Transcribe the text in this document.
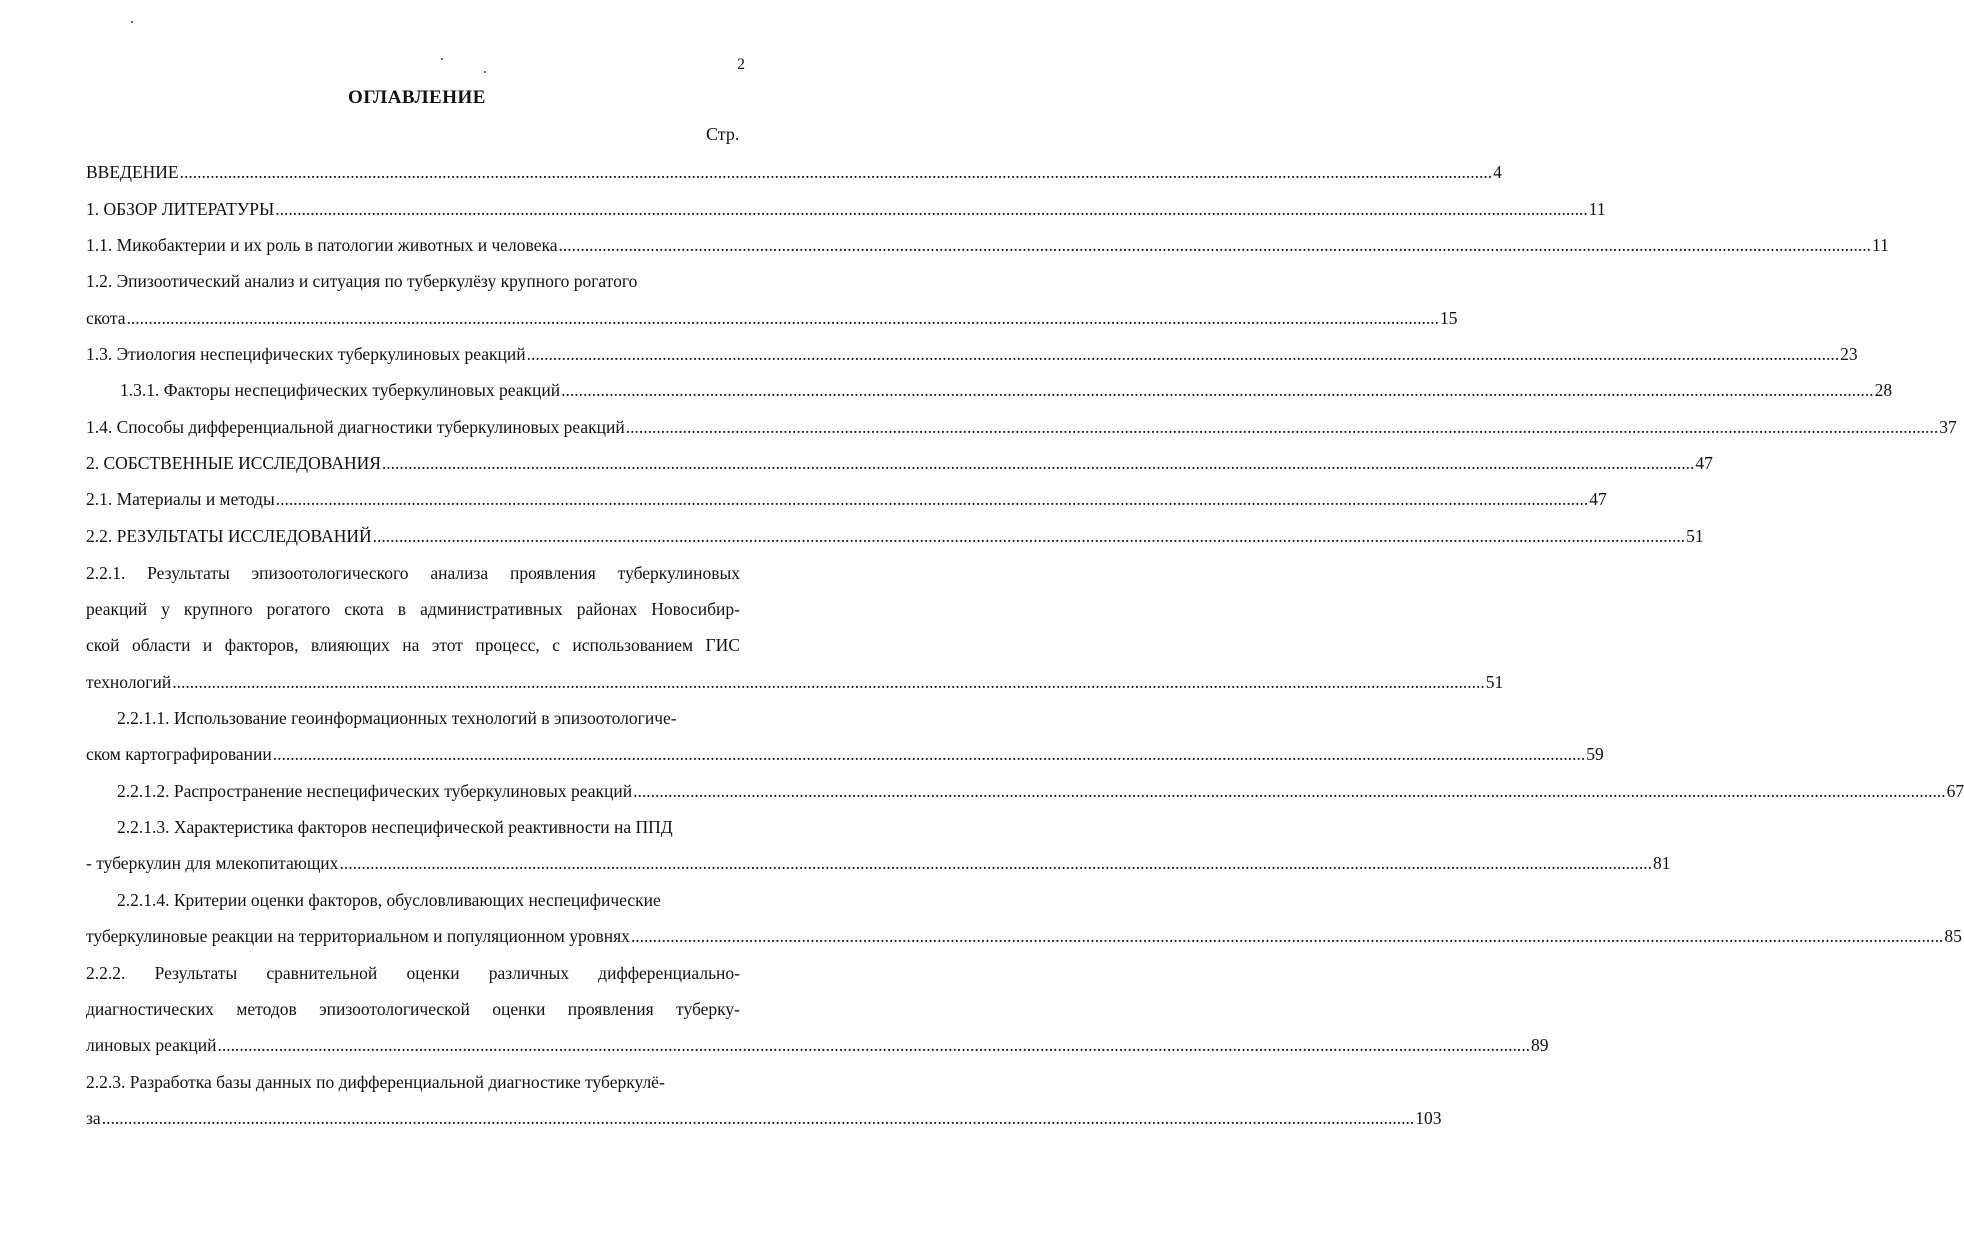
2
ОГЛАВЛЕНИЕ
Стр.
ВВЕДЕНИЕ ............................................................................................................................................................................................................................................................................................................ 4
1. ОБЗОР ЛИТЕРАТУРЫ ............................................................................................................................................................................................................................................................................................................ 11
1.1. Микобактерии и их роль в патологии животных и человека ............................................................................................................................................................................................................................................................................................................ 11
1.2. Эпизоотический анализ и ситуация по туберкулёзу крупного рогатого
скота ............................................................................................................................................................................................................................................................................................................ 15
1.3. Этиология неспецифических туберкулиновых реакций ............................................................................................................................................................................................................................................................................................................ 23
1.3.1. Факторы неспецифических туберкулиновых реакций ............................................................................................................................................................................................................................................................................................................ 28
1.4. Способы дифференциальной диагностики туберкулиновых реакций ............................................................................................................................................................................................................................................................................................................ 37
2. СОБСТВЕННЫЕ ИССЛЕДОВАНИЯ ............................................................................................................................................................................................................................................................................................................ 47
2.1. Материалы и методы ............................................................................................................................................................................................................................................................................................................ 47
2.2. РЕЗУЛЬТАТЫ ИССЛЕДОВАНИЙ ............................................................................................................................................................................................................................................................................................................ 51
2.2.1. Результаты эпизоотологического анализа проявления туберкулиновых
реакций у крупного рогатого скота в административных районах Новосибир-
ской области и факторов, влияющих на этот процесс, с использованием ГИС
технологий ............................................................................................................................................................................................................................................................................................................ 51
2.2.1.1. Использование геоинформационных технологий в эпизоотологиче-
ском картографировании ............................................................................................................................................................................................................................................................................................................ 59
2.2.1.2. Распространение неспецифических туберкулиновых реакций ............................................................................................................................................................................................................................................................................................................ 67
2.2.1.3. Характеристика факторов неспецифической реактивности на ППД
- туберкулин для млекопитающих ............................................................................................................................................................................................................................................................................................................ 81
2.2.1.4. Критерии оценки факторов, обусловливающих неспецифические
туберкулиновые реакции на территориальном и популяционном уровнях ............................................................................................................................................................................................................................................................................................................ 85
2.2.2. Результаты сравнительной оценки различных дифференциально-
диагностических методов эпизоотологической оценки проявления туберку-
линовых реакций ............................................................................................................................................................................................................................................................................................................ 89
2.2.3. Разработка базы данных по дифференциальной диагностике туберкулё-
за ............................................................................................................................................................................................................................................................................................................ 103
